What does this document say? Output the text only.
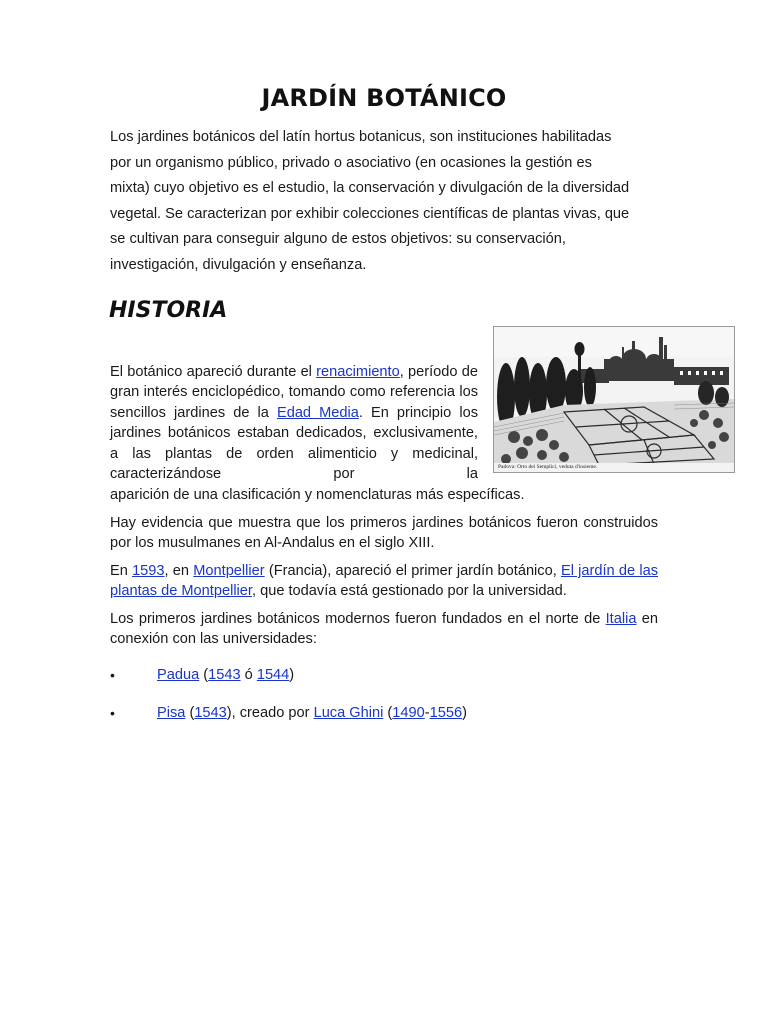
JARDÍN BOTÁNICO

Los jardines botánicos del latín hortus botanicus, son instituciones habilitadas por un organismo público, privado o asociativo (en ocasiones la gestión es mixta) cuyo objetivo es el estudio, la conservación y divulgación de la diversidad vegetal. Se caracterizan por exhibir colecciones científicas de plantas vivas, que se cultivan para conseguir alguno de estos objetivos: su conservación, investigación, divulgación y enseñanza.

HISTORIA
Padova: Orto dei Semplici, veduta d'insieme.

El botánico apareció durante el renacimiento, período de gran interés enciclopédico, tomando como referencia los sencillos jardines de la Edad Media. En principio los jardines botánicos estaban dedicados, exclusivamente, a las plantas de orden alimenticio y medicinal, caracterizándose por la

aparición de una clasificación y nomenclaturas más específicas.

Hay evidencia que muestra que los primeros jardines botánicos fueron construidos por los musulmanes en Al-Andalus en el siglo XIII.

En 1593, en Montpellier (Francia), apareció el primer jardín botánico, El jardín de las plantas de Montpellier, que todavía está gestionado por la universidad.

Los primeros jardines botánicos modernos fueron fundados en el norte de Italia en conexión con las universidades:

•	Padua (1543 ó 1544)
•	Pisa (1543), creado por Luca Ghini (1490-1556)
